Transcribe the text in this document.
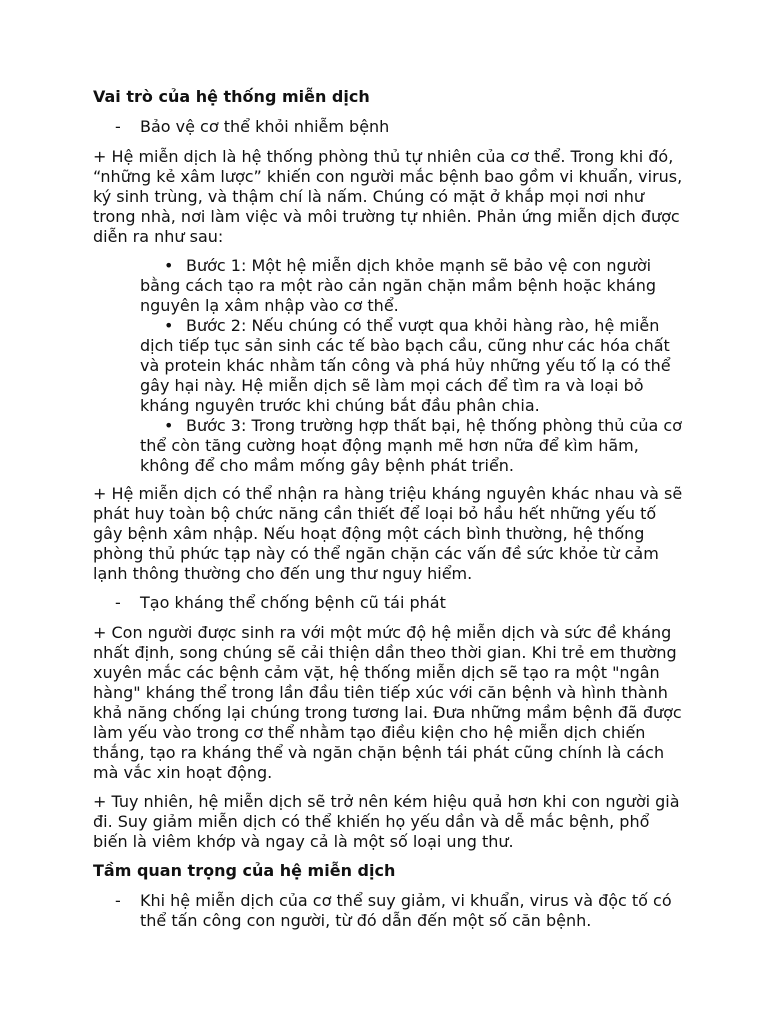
Vai trò của hệ thống miễn dịch

- Bảo vệ cơ thể khỏi nhiễm bệnh

+ Hệ miễn dịch là hệ thống phòng thủ tự nhiên của cơ thể. Trong khi đó, “những kẻ xâm lược” khiến con người mắc bệnh bao gồm vi khuẩn, virus, ký sinh trùng, và thậm chí là nấm. Chúng có mặt ở khắp mọi nơi như trong nhà, nơi làm việc và môi trường tự nhiên. Phản ứng miễn dịch được diễn ra như sau:

• Bước 1: Một hệ miễn dịch khỏe mạnh sẽ bảo vệ con người bằng cách tạo ra một rào cản ngăn chặn mầm bệnh hoặc kháng nguyên lạ xâm nhập vào cơ thể.
• Bước 2: Nếu chúng có thể vượt qua khỏi hàng rào, hệ miễn dịch tiếp tục sản sinh các tế bào bạch cầu, cũng như các hóa chất và protein khác nhằm tấn công và phá hủy những yếu tố lạ có thể gây hại này. Hệ miễn dịch sẽ làm mọi cách để tìm ra và loại bỏ kháng nguyên trước khi chúng bắt đầu phân chia.
• Bước 3: Trong trường hợp thất bại, hệ thống phòng thủ của cơ thể còn tăng cường hoạt động mạnh mẽ hơn nữa để kìm hãm, không để cho mầm mống gây bệnh phát triển.

+ Hệ miễn dịch có thể nhận ra hàng triệu kháng nguyên khác nhau và sẽ phát huy toàn bộ chức năng cần thiết để loại bỏ hầu hết những yếu tố gây bệnh xâm nhập. Nếu hoạt động một cách bình thường, hệ thống phòng thủ phức tạp này có thể ngăn chặn các vấn đề sức khỏe từ cảm lạnh thông thường cho đến ung thư nguy hiểm.

- Tạo kháng thể chống bệnh cũ tái phát

+ Con người được sinh ra với một mức độ hệ miễn dịch và sức đề kháng nhất định, song chúng sẽ cải thiện dần theo thời gian. Khi trẻ em thường xuyên mắc các bệnh cảm vặt, hệ thống miễn dịch sẽ tạo ra một "ngân hàng" kháng thể trong lần đầu tiên tiếp xúc với căn bệnh và hình thành khả năng chống lại chúng trong tương lai. Đưa những mầm bệnh đã được làm yếu vào trong cơ thể nhằm tạo điều kiện cho hệ miễn dịch chiến thắng, tạo ra kháng thể và ngăn chặn bệnh tái phát cũng chính là cách mà vắc xin hoạt động.

+ Tuy nhiên, hệ miễn dịch sẽ trở nên kém hiệu quả hơn khi con người già đi. Suy giảm miễn dịch có thể khiến họ yếu dần và dễ mắc bệnh, phổ biến là viêm khớp và ngay cả là một số loại ung thư.

Tầm quan trọng của hệ miễn dịch

- Khi hệ miễn dịch của cơ thể suy giảm, vi khuẩn, virus và độc tố có thể tấn công con người, từ đó dẫn đến một số căn bệnh.
